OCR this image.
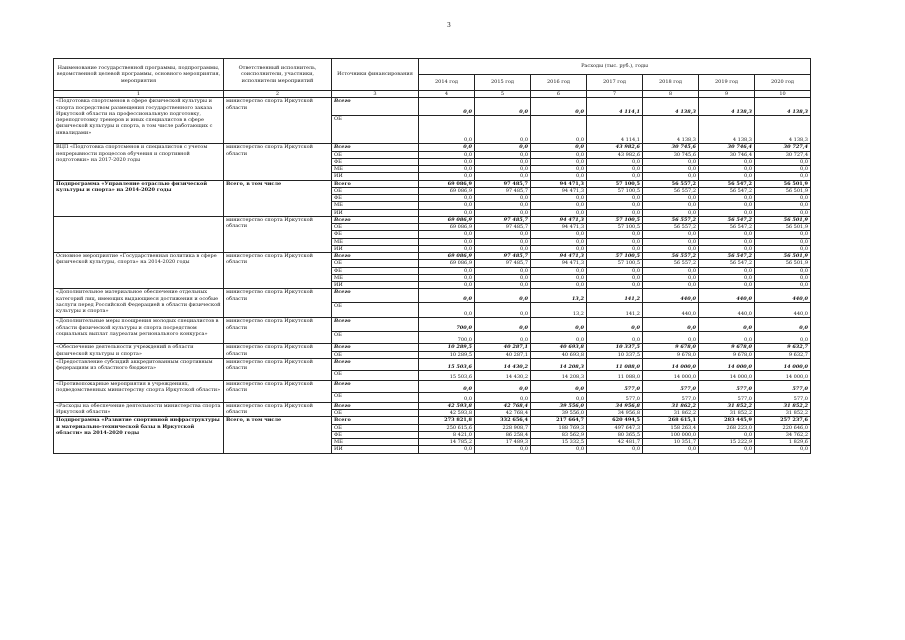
3
Наименование государственной программы, подпрограммы, ведомственной целевой программы, основного мероприятия, мероприятия	Ответственный исполнитель, соисполнители, участники, исполнители мероприятий	Источники финансирования	Расходы (тыс. руб.), годы						
			2014 год	2015 год	2016 год	2017 год	2018 год	2019 год	2020 год
1	2	3	4	5	6	7	8	9	10
«Подготовка спортсменов в сфере физической культуры и спорта посредством размещения государственного заказа Иркутской области на профессиональную подготовку, переподготовку тренеров и иных специалистов в сфере физической культуры и спорта, в том числе работающих с инвалидами»	министерство спорта Иркутской области	Всего	0,0	0,0	0,0	4 114,1	4 138,3	4 138,3	4 138,3
		ОБ	0,0	0,0	0,0	4 114,1	4 138,3	4 138,3	4 138,3
ВЦП «Подготовка спортсменов и специалистов с учетом непрерывности процессов обучения и спортивной подготовки» на 2017-2020 годы	министерство спорта Иркутской области	Всего	0,0	0,0	0,0	43 982,6	30 745,6	30 746,4	30 727,4
		ОБ	0,0	0,0	0,0	43 982,6	30 745,6	30 746,4	30 727,4
		ФБ	0,0	0,0	0,0	0,0	0,0	0,0	0,0
		МБ	0,0	0,0	0,0	0,0	0,0	0,0	0,0
		ИИ	0,0	0,0	0,0	0,0	0,0	0,0	0,0
Подпрограмма «Управление отраслью физической культуры и спорта» на 2014-2020 годы	Всего, в том числе	Всего	69 086,9	97 485,7	94 471,3	57 100,5	56 557,2	56 547,2	56 501,9
		ОБ	69 086,9	97 485,7	94 471,3	57 100,5	56 557,2	56 547,2	56 501,9
		ФБ	0,0	0,0	0,0	0,0	0,0	0,0	0,0
		МБ	0,0	0,0	0,0	0,0	0,0	0,0	0,0
		ИИ	0,0	0,0	0,0	0,0	0,0	0,0	0,0
	министерство спорта Иркутской области	Всего	69 086,9	97 485,7	94 471,3	57 100,5	56 557,2	56 547,2	56 501,9
		ОБ	69 086,9	97 485,7	94 471,3	57 100,5	56 557,2	56 547,2	56 501,9
		ФБ	0,0	0,0	0,0	0,0	0,0	0,0	0,0
		МБ	0,0	0,0	0,0	0,0	0,0	0,0	0,0
		ИИ	0,0	0,0	0,0	0,0	0,0	0,0	0,0
Основное мероприятие «Государственная политика в сфере физической культуры, спорта» на 2014-2020 годы	министерство спорта Иркутской области	Всего	69 086,9	97 485,7	94 471,3	57 100,5	56 557,2	56 547,2	56 501,9
		ОБ	69 086,9	97 485,7	94 471,3	57 100,5	56 557,2	56 547,2	56 501,9
		ФБ	0,0	0,0	0,0	0,0	0,0	0,0	0,0
		МБ	0,0	0,0	0,0	0,0	0,0	0,0	0,0
		ИИ	0,0	0,0	0,0	0,0	0,0	0,0	0,0
«Дополнительное материальное обеспечение отдельных категорий лиц, имеющих выдающиеся достижения и особые заслуги перед Российской Федерацией в области физической культуры и спорта»	министерство спорта Иркутской области	Всего	0,0	0,0	13,2	141,2	440,0	440,0	440,0
		ОБ	0,0	0,0	13,2	141,2	440,0	440,0	440,0
«Дополнительные меры поощрения молодых специалистов в области физической культуры и спорта посредством социальных выплат лауреатам регионального конкурса»	министерство спорта Иркутской области	Всего	700,0	0,0	0,0	0,0	0,0	0,0	0,0
		ОБ	700,0	0,0	0,0	0,0	0,0	0,0	0,0
«Обеспечение деятельности учреждений в области физической культуры и спорта»	министерство спорта Иркутской области	Всего	10 289,5	40 287,1	40 693,8	10 337,5	9 678,0	9 678,0	9 632,7
		ОБ	10 289,5	40 287,1	40 693,8	10 337,5	9 678,0	9 678,0	9 632,7
«Предоставление субсидий аккредитованным спортивным федерациям из областного бюджета»	министерство спорта Иркутской области	Всего	15 503,6	14 430,2	14 208,3	11 088,0	14 000,0	14 000,0	14 000,0
		ОБ	15 503,6	14 430,2	14 208,3	11 088,0	14 000,0	14 000,0	14 000,0
«Противопожарные мероприятия в учреждениях, подведомственных министерству спорта Иркутской области»	министерство спорта Иркутской области	Всего	0,0	0,0	0,0	577,0	577,0	577,0	577,0
		ОБ	0,0	0,0	0,0	577,0	577,0	577,0	577,0
«Расходы на обеспечение деятельности министерства спорта Иркутской области»	министерство спорта Иркутской области	Всего	42 593,8	42 768,4	39 556,0	34 956,8	31 862,2	31 852,2	31 852,2
		ОБ	42 593,8	42 768,4	39 556,0	34 956,8	31 862,2	31 852,2	31 852,2
Подпрограмма «Развитие спортивной инфраструктуры и материально-технической базы в Иркутской области» на 2014-2020 годы	Всего, в том числе	Всего	273 821,8	332 656,4	217 664,7	620 494,5	268 615,1	283 445,9	257 237,6
		ОБ	250 615,6	228 908,7	188 769,3	497 647,3	158 263,4	268 223,0	220 646,0
		ФБ	8 421,0	86 258,4	83 562,9	80 365,5	100 000,0	0,0	34 762,2
		МБ	14 785,2	17 489,3	15 332,5	42 481,7	10 351,7	15 222,9	1 829,6
		ИИ	0,0	0,0	0,0	0,0	0,0	0,0	0,0
